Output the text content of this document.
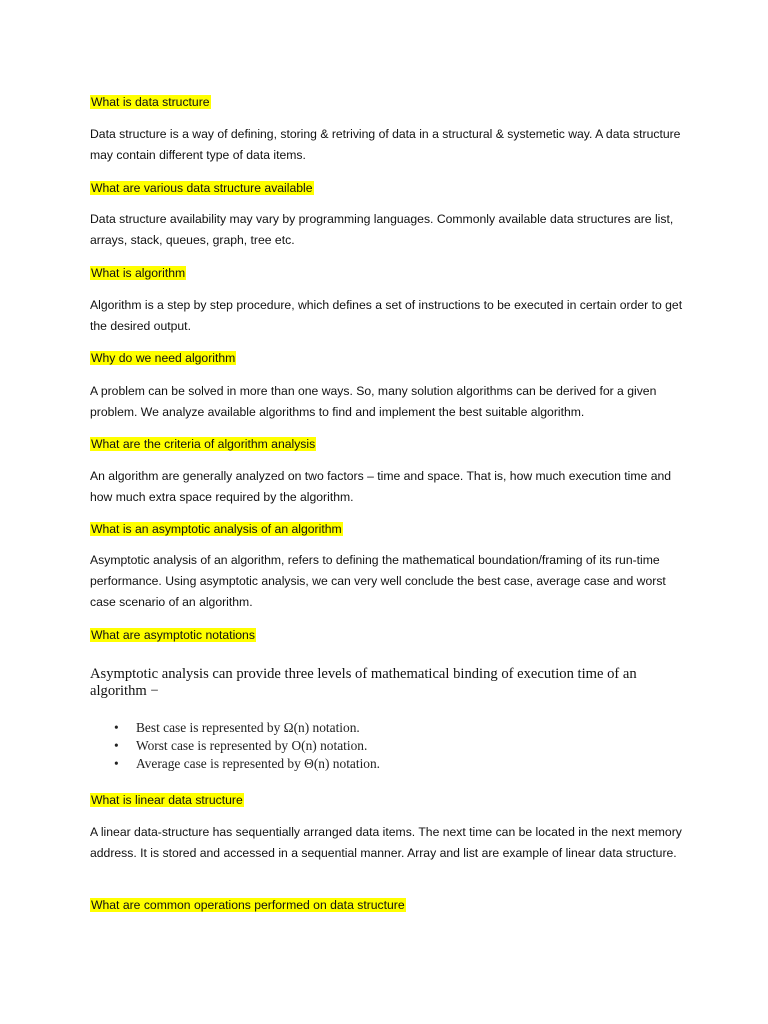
What is data structure

Data structure is a way of defining, storing & retriving of data in a structural & systemetic way. A data structure may contain different type of data items.

What are various data structure available

Data structure availability may vary by programming languages. Commonly available data structures are list, arrays, stack, queues, graph, tree etc.

What is algorithm

Algorithm is a step by step procedure, which defines a set of instructions to be executed in certain order to get the desired output.

Why do we need algorithm

A problem can be solved in more than one ways. So, many solution algorithms can be derived for a given problem. We analyze available algorithms to find and implement the best suitable algorithm.

What are the criteria of algorithm analysis

An algorithm are generally analyzed on two factors – time and space. That is, how much execution time and how much extra space required by the algorithm.

What is an asymptotic analysis of an algorithm

Asymptotic analysis of an algorithm, refers to defining the mathematical boundation/framing of its run-time performance. Using asymptotic analysis, we can very well conclude the best case, average case and worst case scenario of an algorithm.

What are asymptotic notations

Asymptotic analysis can provide three levels of mathematical binding of execution time of an algorithm −

• Best case is represented by Ω(n) notation.
• Worst case is represented by Ο(n) notation.
• Average case is represented by Θ(n) notation.
What is linear data structure

A linear data-structure has sequentially arranged data items. The next time can be located in the next memory address. It is stored and accessed in a sequential manner. Array and list are example of linear data structure.

What are common operations performed on data structure
